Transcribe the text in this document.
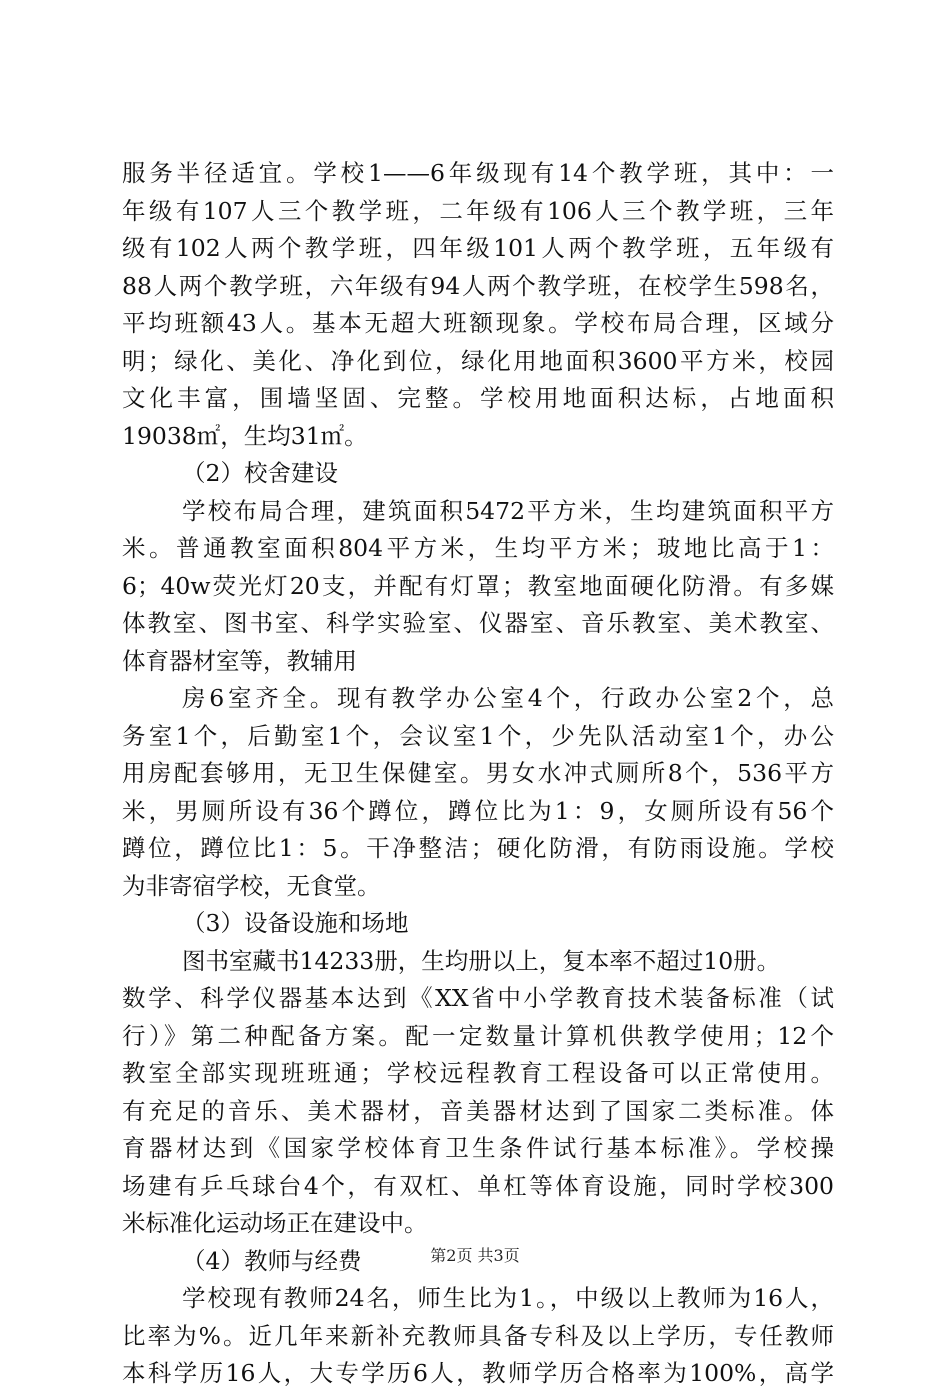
服务半径适宜。学校1——6年级现有14个教学班，其中：一
年级有107人三个教学班，二年级有106人三个教学班，三年
级有102人两个教学班，四年级101人两个教学班，五年级有
88人两个教学班，六年级有94人两个教学班，在校学生598名，
平均班额43人。基本无超大班额现象。学校布局合理，区域分
明；绿化、美化、净化到位，绿化用地面积3600平方米，校园
文化丰富，围墙坚固、完整。学校用地面积达标，占地面积
19038㎡，生均31㎡。
（2）校舍建设
学校布局合理，建筑面积5472平方米，生均建筑面积平方
米。普通教室面积804平方米，生均平方米；玻地比高于1：
6；40w荧光灯20支，并配有灯罩；教室地面硬化防滑。有多媒
体教室、图书室、科学实验室、仪器室、音乐教室、美术教室、
体育器材室等，教辅用
房6室齐全。现有教学办公室4个，行政办公室2个，总
务室1个，后勤室1个，会议室1个，少先队活动室1个，办公
用房配套够用，无卫生保健室。男女水冲式厕所8个，536平方
米，男厕所设有36个蹲位，蹲位比为1：9，女厕所设有56个
蹲位，蹲位比1：5。干净整洁；硬化防滑，有防雨设施。学校
为非寄宿学校，无食堂。
（3）设备设施和场地
图书室藏书14233册，生均册以上，复本率不超过10册。
数学、科学仪器基本达到《XX省中小学教育技术装备标准（试
行）》第二种配备方案。配一定数量计算机供教学使用；12个
教室全部实现班班通；学校远程教育工程设备可以正常使用。
有充足的音乐、美术器材，音美器材达到了国家二类标准。体
育器材达到《国家学校体育卫生条件试行基本标准》。学校操
场建有乒乓球台4个，有双杠、单杠等体育设施，同时学校300
米标准化运动场正在建设中。
（4）教师与经费
学校现有教师24名，师生比为1。，中级以上教师为16人，
比率为%。近几年来新补充教师具备专科及以上学历，专任教师
本科学历16人，大专学历6人，教师学历合格率为100%，高学
第2页 共3页
